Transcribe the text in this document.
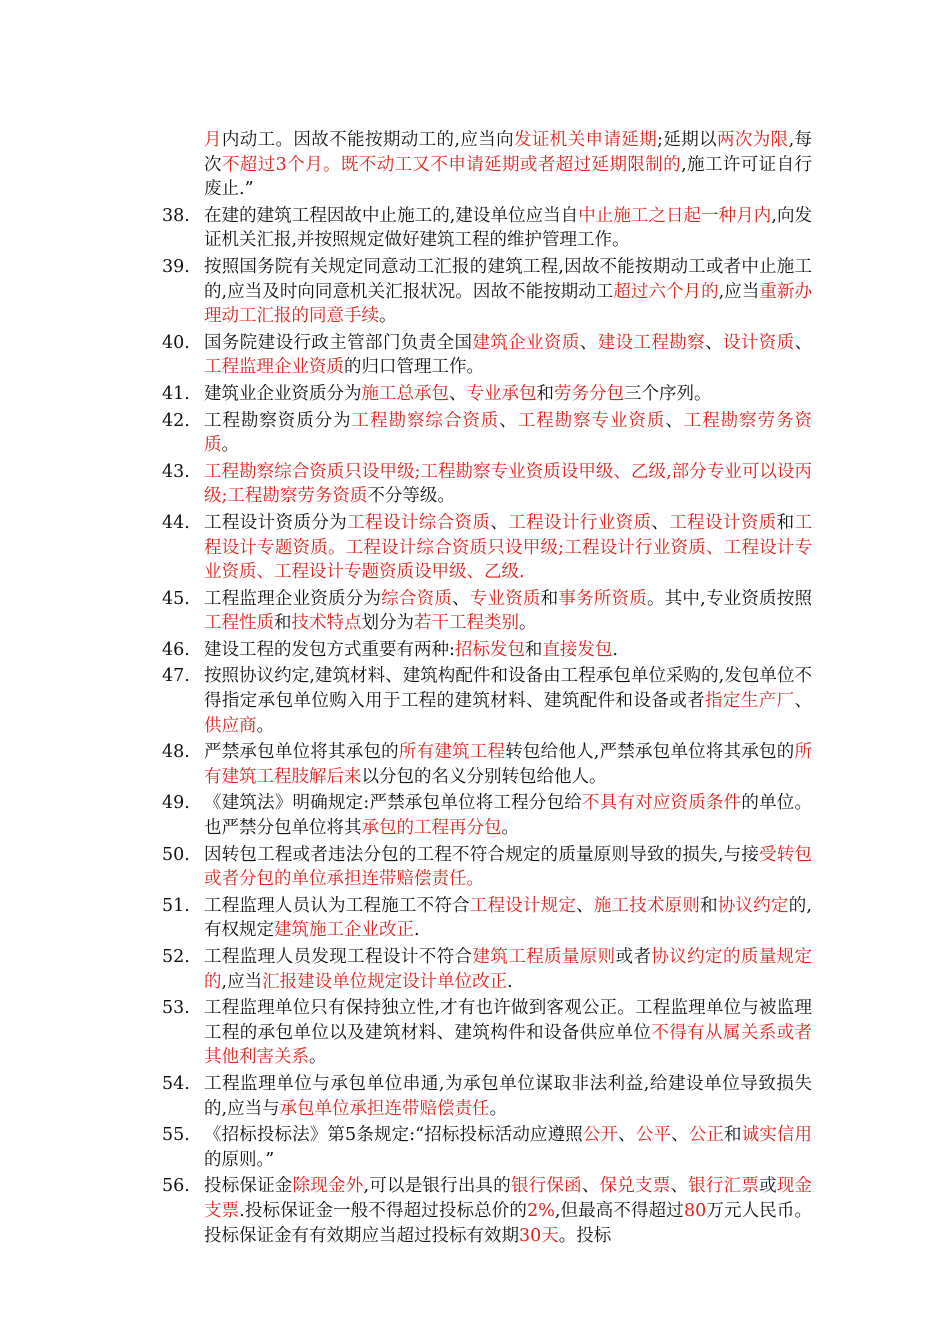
月内动工。因故不能按期动工的,应当向发证机关申请延期;延期以两次为限,每次不超过3个月。既不动工又不申请延期或者超过延期限制的,施工许可证自行废止.”
38. 在建的建筑工程因故中止施工的,建设单位应当自中止施工之日起一种月内,向发证机关汇报,并按照规定做好建筑工程的维护管理工作。
39. 按照国务院有关规定同意动工汇报的建筑工程,因故不能按期动工或者中止施工的,应当及时向同意机关汇报状况。因故不能按期动工超过六个月的,应当重新办理动工汇报的同意手续。
40. 国务院建设行政主管部门负责全国建筑企业资质、建设工程勘察、设计资质、工程监理企业资质的归口管理工作。
41. 建筑业企业资质分为施工总承包、专业承包和劳务分包三个序列。
42. 工程勘察资质分为工程勘察综合资质、工程勘察专业资质、工程勘察劳务资质。
43. 工程勘察综合资质只设甲级;工程勘察专业资质设甲级、乙级,部分专业可以设丙级;工程勘察劳务资质不分等级。
44. 工程设计资质分为工程设计综合资质、工程设计行业资质、工程设计资质和工程设计专题资质。工程设计综合资质只设甲级;工程设计行业资质、工程设计专业资质、工程设计专题资质设甲级、乙级.
45. 工程监理企业资质分为综合资质、专业资质和事务所资质。其中,专业资质按照工程性质和技术特点划分为若干工程类别。
46. 建设工程的发包方式重要有两种:招标发包和直接发包.
47. 按照协议约定,建筑材料、建筑构配件和设备由工程承包单位采购的,发包单位不得指定承包单位购入用于工程的建筑材料、建筑配件和设备或者指定生产厂、供应商。
48. 严禁承包单位将其承包的所有建筑工程转包给他人,严禁承包单位将其承包的所有建筑工程肢解后来以分包的名义分别转包给他人。
49. 《建筑法》明确规定:严禁承包单位将工程分包给不具有对应资质条件的单位。也严禁分包单位将其承包的工程再分包。
50. 因转包工程或者违法分包的工程不符合规定的质量原则导致的损失,与接受转包或者分包的单位承担连带赔偿责任。
51. 工程监理人员认为工程施工不符合工程设计规定、施工技术原则和协议约定的,有权规定建筑施工企业改正.
52. 工程监理人员发现工程设计不符合建筑工程质量原则或者协议约定的质量规定的,应当汇报建设单位规定设计单位改正.
53. 工程监理单位只有保持独立性,才有也许做到客观公正。工程监理单位与被监理工程的承包单位以及建筑材料、建筑构件和设备供应单位不得有从属关系或者其他利害关系。
54. 工程监理单位与承包单位串通,为承包单位谋取非法利益,给建设单位导致损失的,应当与承包单位承担连带赔偿责任。
55. 《招标投标法》第5条规定:“招标投标活动应遵照公开、公平、公正和诚实信用的原则。”
56. 投标保证金除现金外,可以是银行出具的银行保函、保兑支票、银行汇票或现金支票.投标保证金一般不得超过投标总价的2%,但最高不得超过80万元人民币。投标保证金有有效期应当超过投标有效期30天。投标
